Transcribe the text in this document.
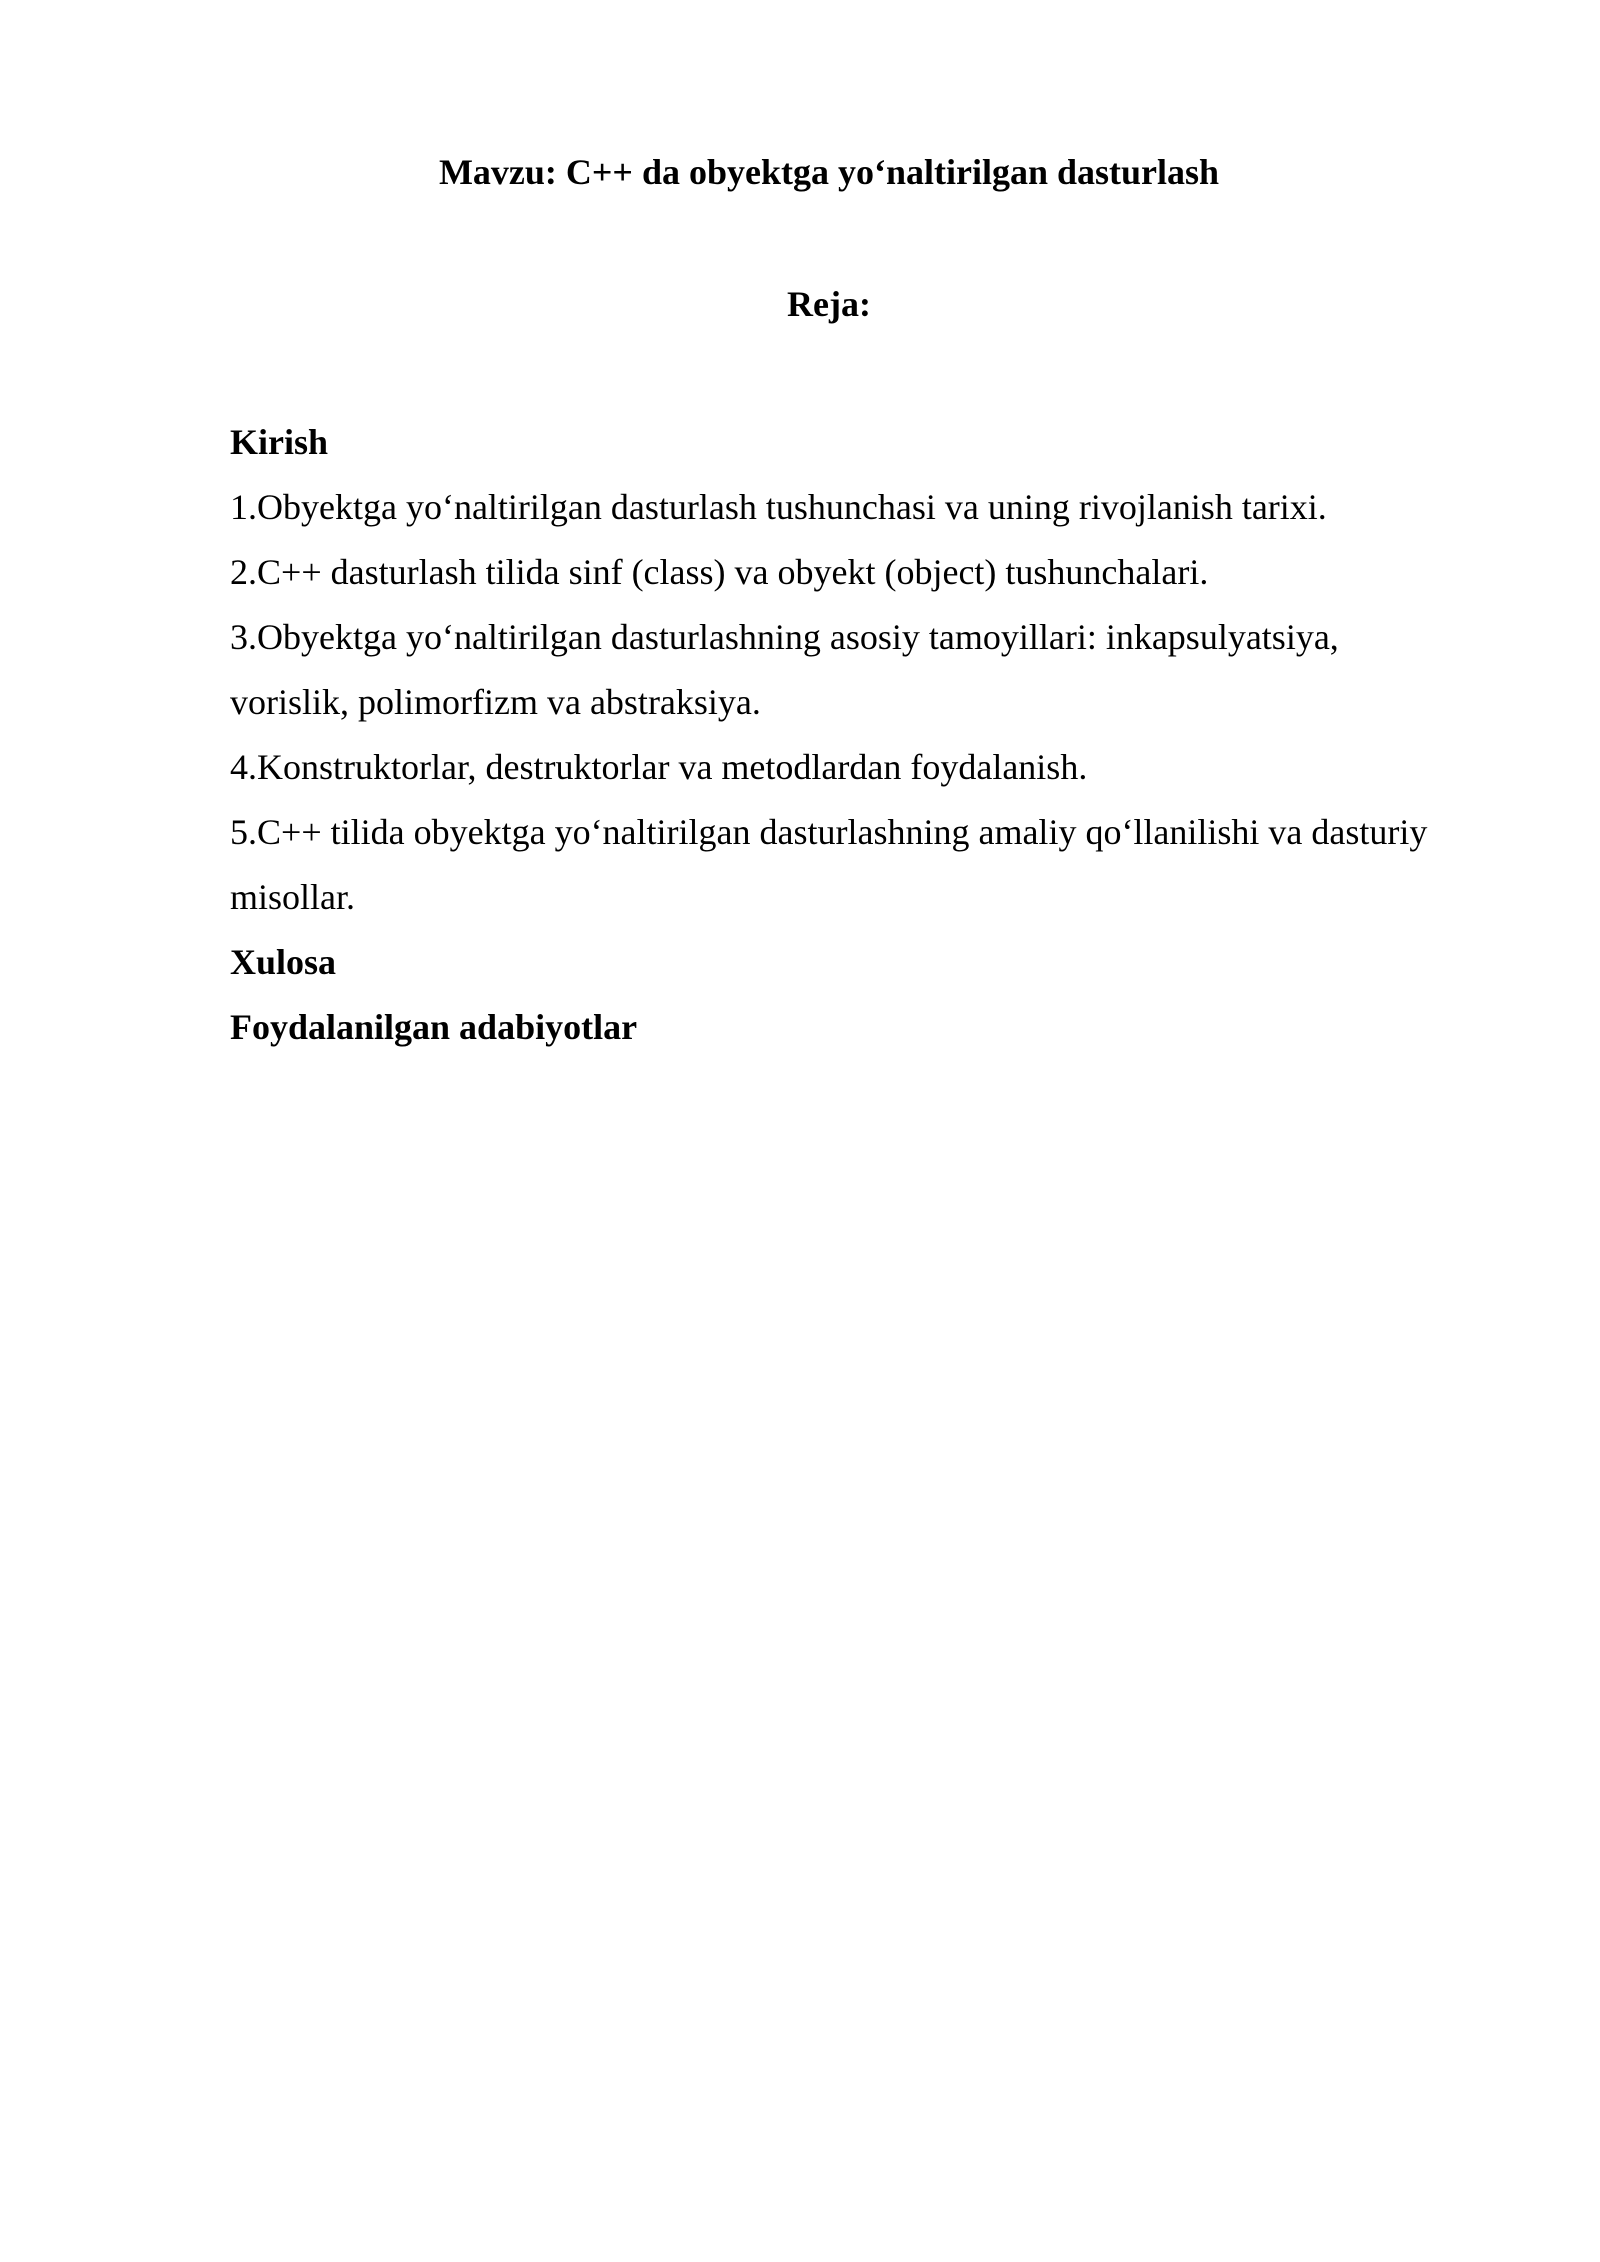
Mavzu: C++ da obyektga yo‘naltirilgan dasturlash
Reja:
Kirish
1.Obyektga yo‘naltirilgan dasturlash tushunchasi va uning rivojlanish tarixi.
2.C++ dasturlash tilida sinf (class) va obyekt (object) tushunchalari.
3.Obyektga yo‘naltirilgan dasturlashning asosiy tamoyillari: inkapsulyatsiya,
vorislik, polimorfizm va abstraksiya.
4.Konstruktorlar, destruktorlar va metodlardan foydalanish.
5.C++ tilida obyektga yo‘naltirilgan dasturlashning amaliy qo‘llanilishi va dasturiy
misollar.
Xulosa
Foydalanilgan adabiyotlar
